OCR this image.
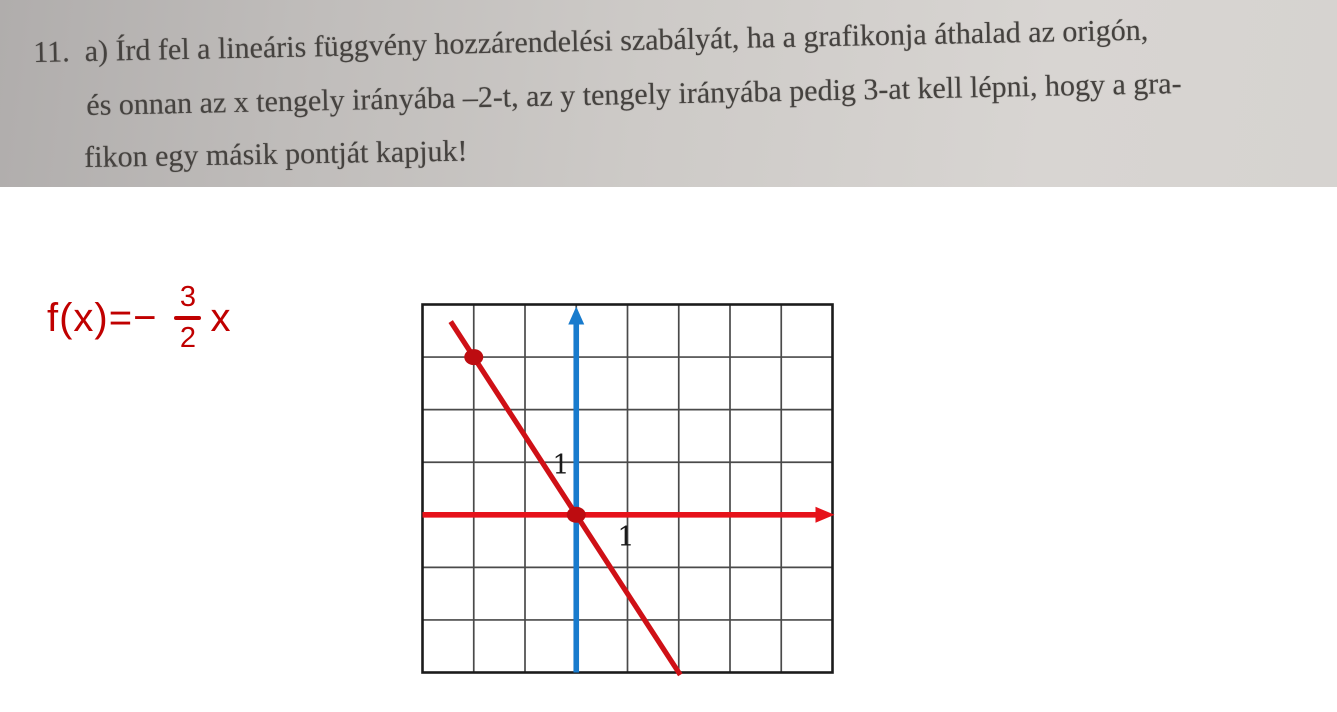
11.  a) Írd fel a lineáris függvény hozzárendelési szabályát, ha a grafikonja áthalad az origón,
és onnan az x tengely irányába –2-t, az y tengely irányába pedig 3-at kell lépni, hogy a gra-
fikon egy másik pontját kapjuk!
$f(x)=- \frac{3}{2}$ x
1
1
